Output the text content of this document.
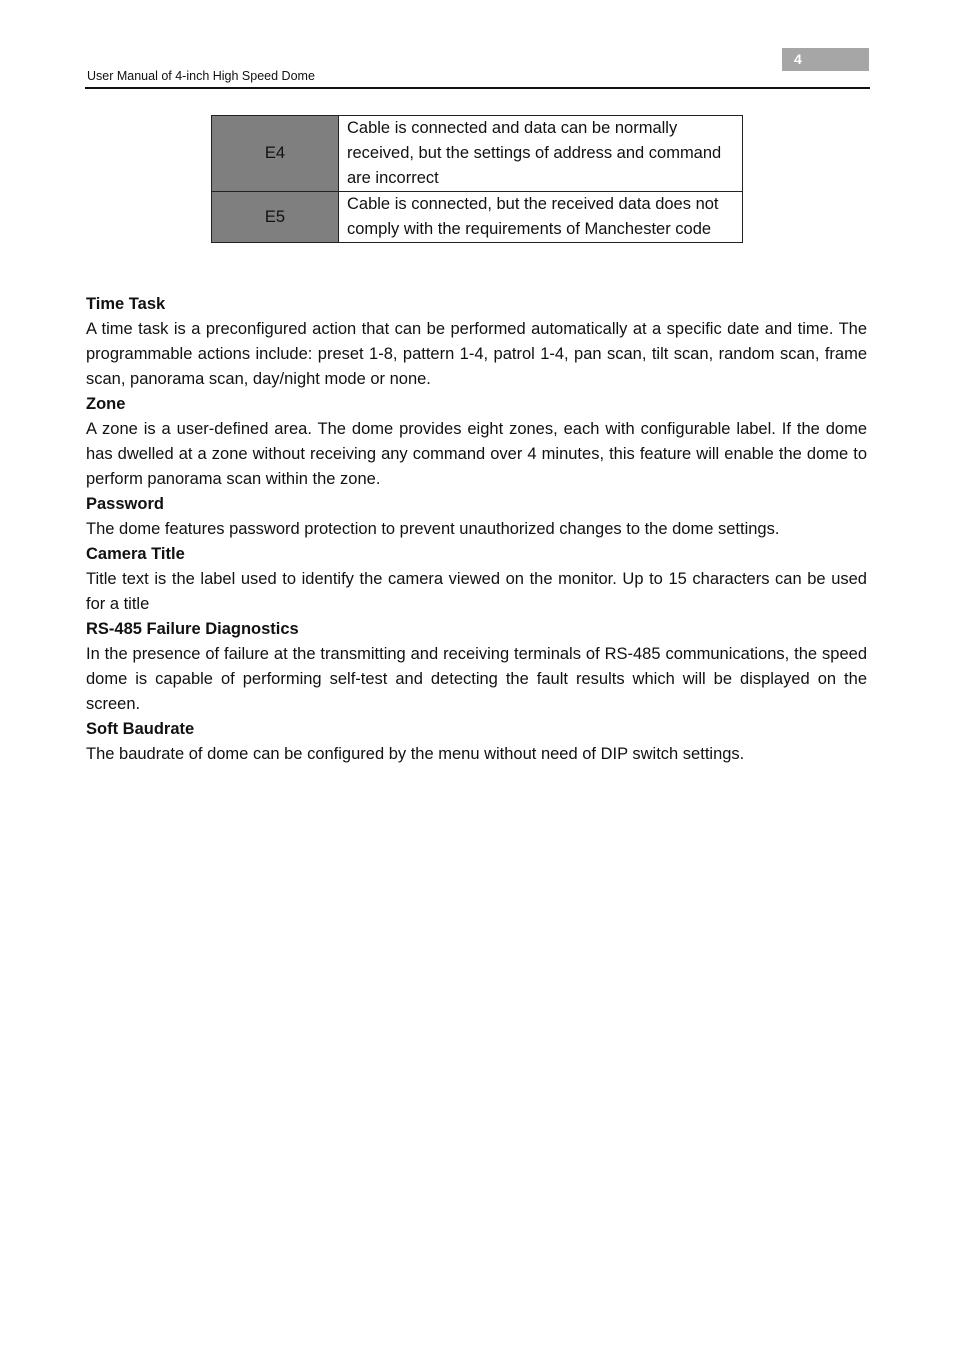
4
User Manual of 4-inch High Speed Dome
E4	Cable is connected and data can be normally received, but the settings of address and command are incorrect
E5	Cable is connected, but the received data does not comply with the requirements of Manchester code

Time Task

A time task is a preconfigured action that can be performed automatically at a specific date and time. The programmable actions include: preset 1-8, pattern 1-4, patrol 1-4, pan scan, tilt scan, random scan, frame scan, panorama scan, day/night mode or none.

Zone

A zone is a user-defined area. The dome provides eight zones, each with configurable label. If the dome has dwelled at a zone without receiving any command over 4 minutes, this feature will enable the dome to perform panorama scan within the zone.

Password

The dome features password protection to prevent unauthorized changes to the dome settings.

Camera Title

Title text is the label used to identify the camera viewed on the monitor. Up to 15 characters can be used for a title

RS-485 Failure Diagnostics

In the presence of failure at the transmitting and receiving terminals of RS-485 communications, the speed dome is capable of performing self-test and detecting the fault results which will be displayed on the screen.

Soft Baudrate

The baudrate of dome can be configured by the menu without need of DIP switch settings.
